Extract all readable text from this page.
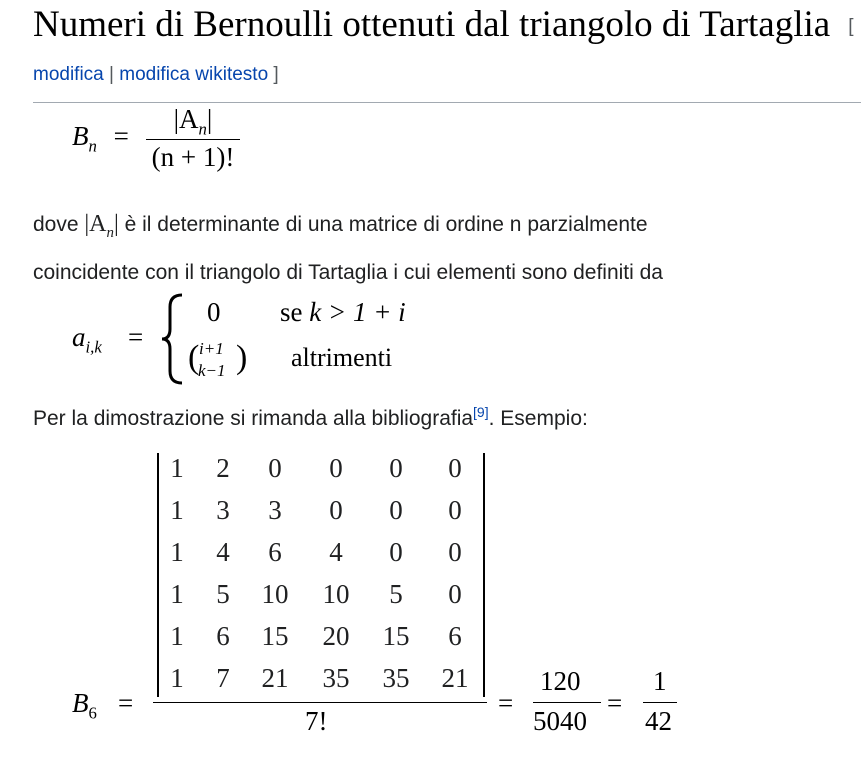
Numeri di Bernoulli ottenuti dal triangolo di Tartaglia [ modifica | modifica wikitesto ]
$B_n = \frac{|A_n|}{(n + 1)!}$
dove $|A_n|$ è il determinante di una matrice di ordine n parzialmente
coincidente con il triangolo di Tartaglia i cui elementi sono definiti da
$a_{i,k}$ =
0 se k > 1 + i
( i+1
k−1 ) altrimenti
Per la dimostrazione si rimanda alla bibliografia[9]. Esempio:
1	2	0	0	0	0
1	3	3	0	0	0
1	4	6	4	0	0
1	5	10	10	5	0
1	6	15	20	15	6
1	7	21	35	35	21
$B_6$ =
7!
=
120
5040
=
1
42
